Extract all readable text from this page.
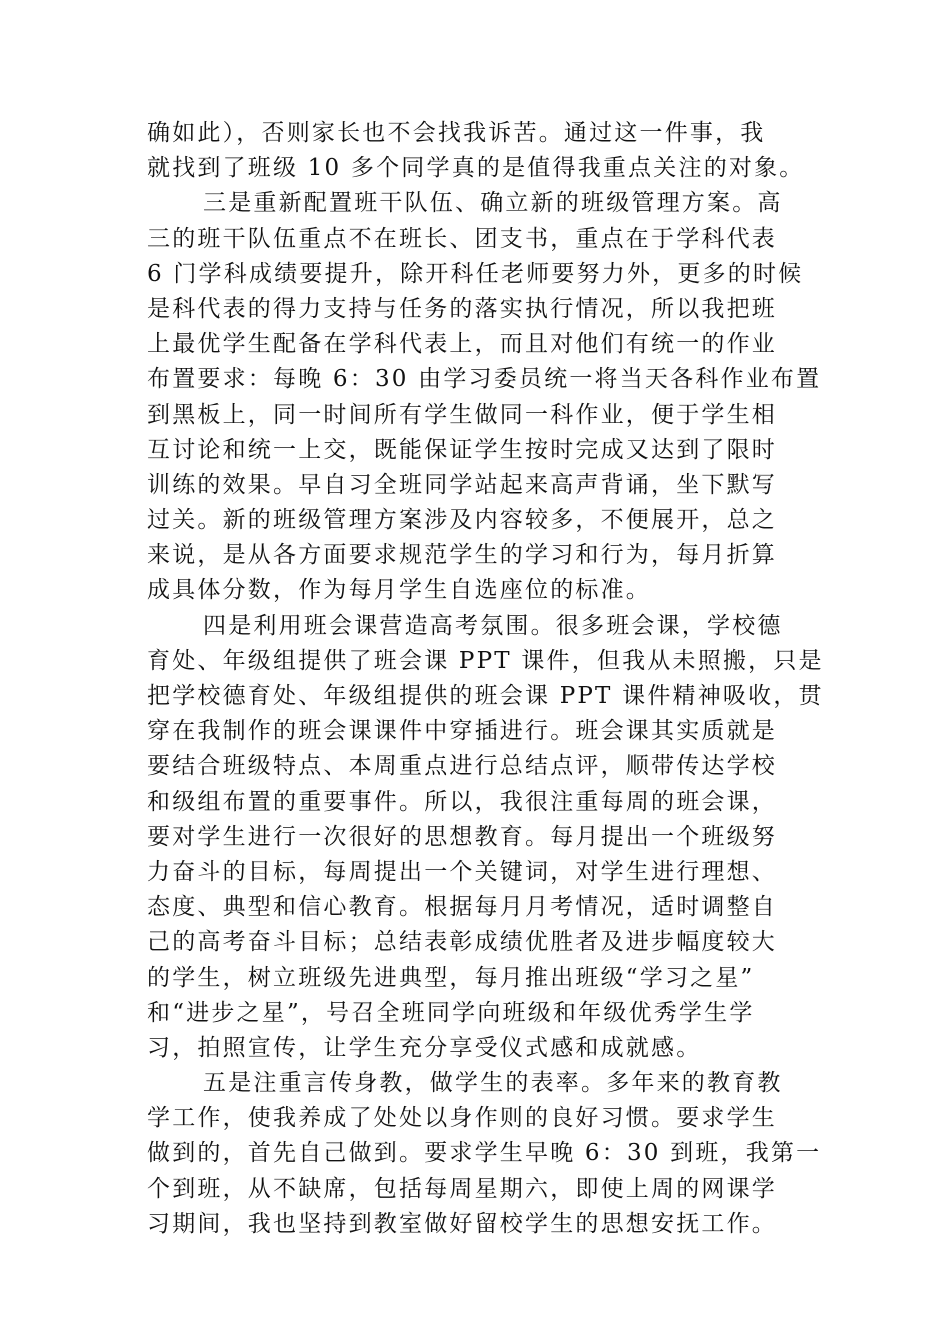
确如此），否则家长也不会找我诉苦。通过这一件事，我
就找到了班级 10 多个同学真的是值得我重点关注的对象。
三是重新配置班干队伍、确立新的班级管理方案。高
三的班干队伍重点不在班长、团支书，重点在于学科代表
6 门学科成绩要提升，除开科任老师要努力外，更多的时候
是科代表的得力支持与任务的落实执行情况，所以我把班
上最优学生配备在学科代表上，而且对他们有统一的作业
布置要求：每晚 6：30 由学习委员统一将当天各科作业布置
到黑板上，同一时间所有学生做同一科作业，便于学生相
互讨论和统一上交，既能保证学生按时完成又达到了限时
训练的效果。早自习全班同学站起来高声背诵，坐下默写
过关。新的班级管理方案涉及内容较多，不便展开，总之
来说，是从各方面要求规范学生的学习和行为，每月折算
成具体分数，作为每月学生自选座位的标准。
四是利用班会课营造高考氛围。很多班会课，学校德
育处、年级组提供了班会课 PPT 课件，但我从未照搬，只是
把学校德育处、年级组提供的班会课 PPT 课件精神吸收，贯
穿在我制作的班会课课件中穿插进行。班会课其实质就是
要结合班级特点、本周重点进行总结点评，顺带传达学校
和级组布置的重要事件。所以，我很注重每周的班会课，
要对学生进行一次很好的思想教育。每月提出一个班级努
力奋斗的目标，每周提出一个关键词，对学生进行理想、
态度、典型和信心教育。根据每月月考情况，适时调整自
己的高考奋斗目标；总结表彰成绩优胜者及进步幅度较大
的学生，树立班级先进典型，每月推出班级“学习之星”
和“进步之星”，号召全班同学向班级和年级优秀学生学
习，拍照宣传，让学生充分享受仪式感和成就感。
五是注重言传身教，做学生的表率。多年来的教育教
学工作，使我养成了处处以身作则的良好习惯。要求学生
做到的，首先自己做到。要求学生早晚 6：30 到班，我第一
个到班，从不缺席，包括每周星期六，即使上周的网课学
习期间，我也坚持到教室做好留校学生的思想安抚工作。
